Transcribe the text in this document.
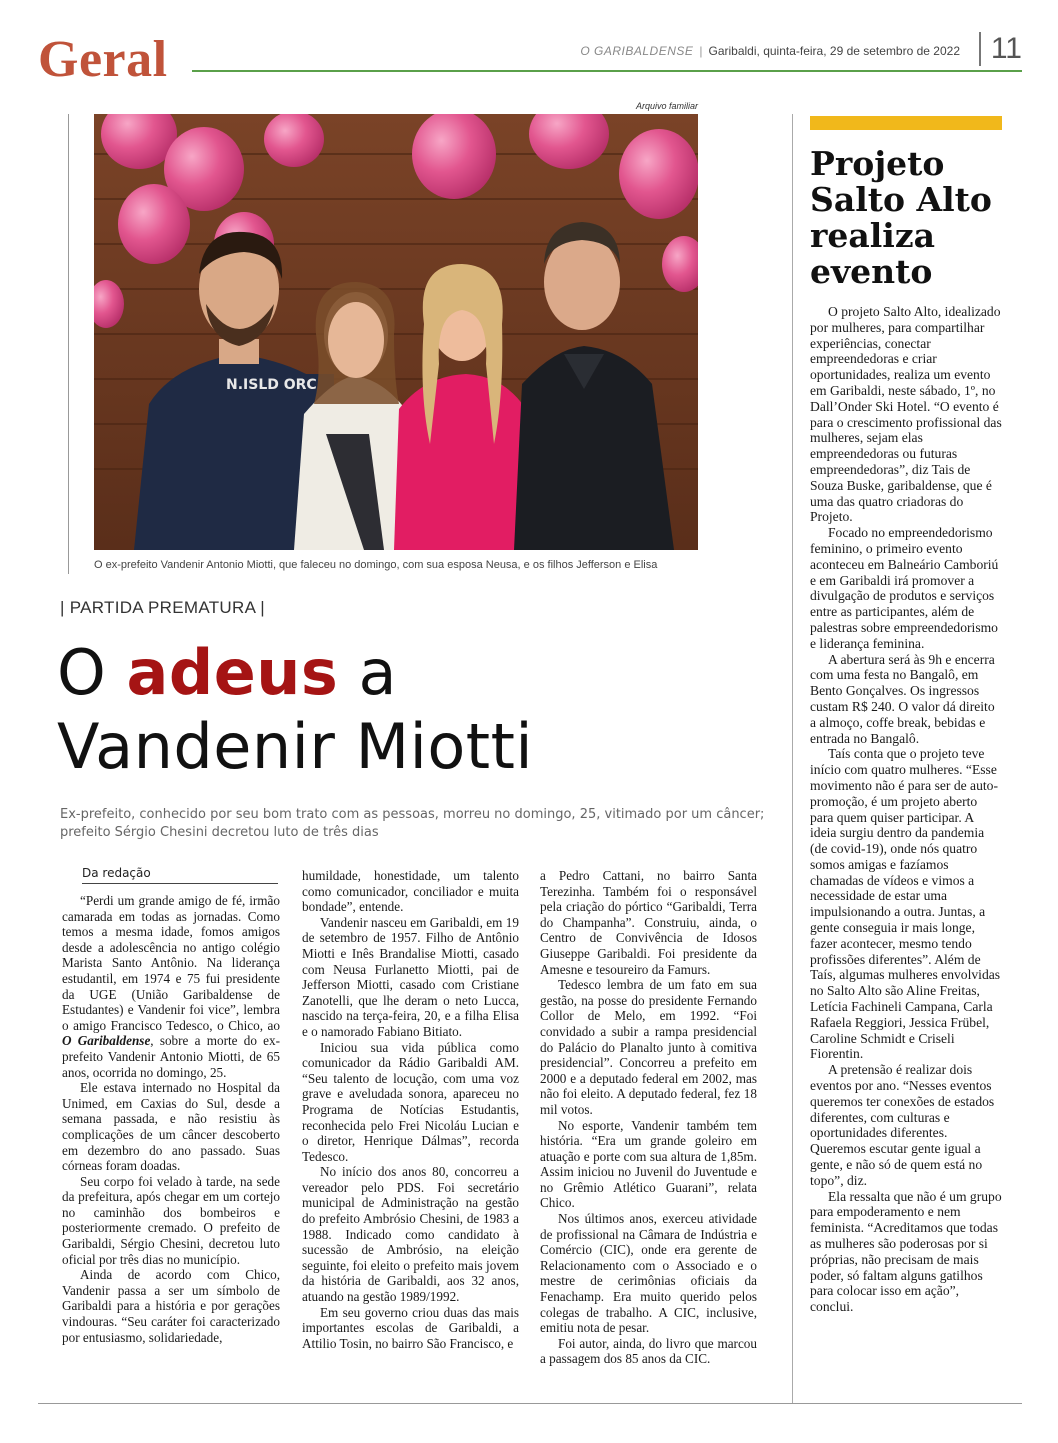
Geral	O GARIBALDENSE | Garibaldi, quinta-feira, 29 de setembro de 2022	11
Arquivo familiar
N.ISLD ORC
O ex-prefeito Vandenir Antonio Miotti, que faleceu no domingo, com sua esposa Neusa, e os filhos Jefferson e Elisa
| PARTIDA PREMATURA |
O adeus a
Vandenir Miotti
Ex-prefeito, conhecido por seu bom trato com as pessoas, morreu no domingo, 25, vitimado por um câncer; prefeito Sérgio Chesini decretou luto de três dias
Da redação

“Perdi um grande amigo de fé, irmão camarada em todas as jornadas. Como temos a mesma idade, fomos amigos desde a adolescência no antigo colégio Marista Santo Antônio. Na liderança estudantil, em 1974 e 75 fui presidente da UGE (União Garibaldense de Estudantes) e Vandenir foi vice”, lembra o amigo Francisco Tedesco, o Chico, ao O Garibaldense, sobre a morte do ex-prefeito Vandenir Antonio Miotti, de 65 anos, ocorrida no domingo, 25.

Ele estava internado no Hospital da Unimed, em Caxias do Sul, desde a semana passada, e não resistiu às complicações de um câncer descoberto em dezembro do ano passado. Suas córneas foram doadas.

Seu corpo foi velado à tarde, na sede da prefeitura, após chegar em um cortejo no caminhão dos bombeiros e posteriormente cremado. O prefeito de Garibaldi, Sérgio Chesini, decretou luto oficial por três dias no município.

Ainda de acordo com Chico, Vandenir passa a ser um símbolo de Garibaldi para a história e por gerações vindouras. “Seu caráter foi caracterizado por entusiasmo, solidariedade,

humildade, honestidade, um talento como comunicador, conciliador e muita bondade”, entende.

Vandenir nasceu em Garibaldi, em 19 de setembro de 1957. Filho de Antônio Miotti e Inês Brandalise Miotti, casado com Neusa Furlanetto Miotti, pai de Jefferson Miotti, casado com Cristiane Zanotelli, que lhe deram o neto Lucca, nascido na terça-feira, 20, e a filha Elisa e o namorado Fabiano Bitiato.

Iniciou sua vida pública como comunicador da Rádio Garibaldi AM. “Seu talento de locução, com uma voz grave e aveludada sonora, apareceu no Programa de Notícias Estudantis, reconhecida pelo Frei Nicoláu Lucian e o diretor, Henrique Dálmas”, recorda Tedesco.

No início dos anos 80, concorreu a vereador pelo PDS. Foi secretário municipal de Administração na gestão do prefeito Ambrósio Chesini, de 1983 a 1988. Indicado como candidato à sucessão de Ambrósio, na eleição seguinte, foi eleito o prefeito mais jovem da história de Garibaldi, aos 32 anos, atuando na gestão 1989/1992.

Em seu governo criou duas das mais importantes escolas de Garibaldi, a Attilio Tosin, no bairro São Francisco, e

a Pedro Cattani, no bairro Santa Terezinha. Também foi o responsável pela criação do pórtico “Garibaldi, Terra do Champanha”. Construiu, ainda, o Centro de Convivência de Idosos Giuseppe Garibaldi. Foi presidente da Amesne e tesoureiro da Famurs.

Tedesco lembra de um fato em sua gestão, na posse do presidente Fernando Collor de Melo, em 1992. “Foi convidado a subir a rampa presidencial do Palácio do Planalto junto à comitiva presidencial”. Concorreu a prefeito em 2000 e a deputado federal em 2002, mas não foi eleito. A deputado federal, fez 18 mil votos.

No esporte, Vandenir também tem história. “Era um grande goleiro em atuação e porte com sua altura de 1,85m. Assim iniciou no Juvenil do Juventude e no Grêmio Atlético Guarani”, relata Chico.

Nos últimos anos, exerceu atividade de profissional na Câmara de Indústria e Comércio (CIC), onde era gerente de Relacionamento com o Associado e o mestre de cerimônias oficiais da Fenachamp. Era muito querido pelos colegas de trabalho. A CIC, inclusive, emitiu nota de pesar.

Foi autor, ainda, do livro que marcou a passagem dos 85 anos da CIC.

Projeto Salto Alto realiza evento

O projeto Salto Alto, idealizado por mulheres, para compartilhar experiências, conectar empreendedoras e criar oportunidades, realiza um evento em Garibaldi, neste sábado, 1º, no Dall’Onder Ski Hotel. “O evento é para o crescimento profissional das mulheres, sejam elas empreendedoras ou futuras empreendedoras”, diz Tais de Souza Buske, garibaldense, que é uma das quatro criadoras do Projeto.

Focado no empreendedorismo feminino, o primeiro evento aconteceu em Balneário Camboriú e em Garibaldi irá promover a divulgação de produtos e serviços entre as participantes, além de palestras sobre empreendedorismo e liderança feminina.

A abertura será às 9h e encerra com uma festa no Bangalô, em Bento Gonçalves. Os ingressos custam R$ 240. O valor dá direito a almoço, coffe break, bebidas e entrada no Bangalô.

Taís conta que o projeto teve início com quatro mulheres. “Esse movimento não é para ser de auto-promoção, é um projeto aberto para quem quiser participar. A ideia surgiu dentro da pandemia (de covid-19), onde nós quatro somos amigas e fazíamos chamadas de vídeos e vimos a necessidade de estar uma impulsionando a outra. Juntas, a gente conseguia ir mais longe, fazer acontecer, mesmo tendo profissões diferentes”. Além de Taís, algumas mulheres envolvidas no Salto Alto são Aline Freitas, Letícia Fachineli Campana, Carla Rafaela Reggiori, Jessica Frübel, Caroline Schmidt e Criseli Fiorentin.

A pretensão é realizar dois eventos por ano. “Nesses eventos queremos ter conexões de estados diferentes, com culturas e oportunidades diferentes. Queremos escutar gente igual a gente, e não só de quem está no topo”, diz.

Ela ressalta que não é um grupo para empoderamento e nem feminista. “Acreditamos que todas as mulheres são poderosas por si próprias, não precisam de mais poder, só faltam alguns gatilhos para colocar isso em ação”, conclui.
